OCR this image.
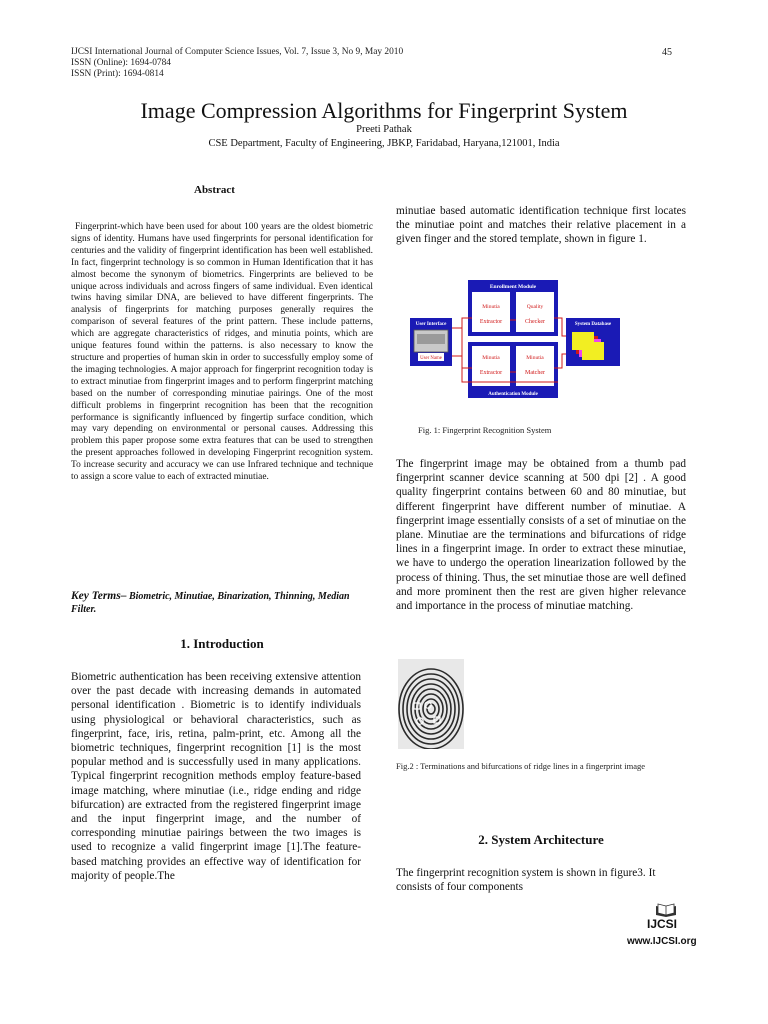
IJCSI International Journal of Computer Science Issues, Vol. 7, Issue 3, No 9, May 2010
ISSN (Online): 1694-0784
ISSN (Print): 1694-0814
45
Image Compression Algorithms for Fingerprint System
Preeti Pathak
CSE Department, Faculty of Engineering, JBKP, Faridabad, Haryana,121001, India
Abstract
Fingerprint-which have been used for about 100 years are the oldest biometric signs of identity. Humans have used fingerprints for personal identification for centuries and the validity of fingerprint identification has been well established. In fact, fingerprint technology is so common in Human Identification that it has almost become the synonym of biometrics. Fingerprints are believed to be unique across individuals and across fingers of same individual. Even identical twins having similar DNA, are believed to have different fingerprints. The analysis of fingerprints for matching purposes generally requires the comparison of several features of the print pattern. These include patterns, which are aggregate characteristics of ridges, and minutia points, which are unique features found within the patterns. is also necessary to know the structure and properties of human skin in order to successfully employ some of the imaging technologies. A major approach for fingerprint recognition today is to extract minutiae from fingerprint images and to perform fingerprint matching based on the number of corresponding minutiae pairings. One of the most difficult problems in fingerprint recognition has been that the recognition performance is significantly influenced by fingertip surface condition, which may vary depending on environmental or personal causes. Addressing this problem this paper propose some extra features that can be used to strengthen the present approaches followed in developing Fingerprint recognition system. To increase security and accuracy we can use Infrared technique and technique to assign a score value to each of extracted minutiae.
Key Terms– Biometric, Minutiae, Binarization, Thinning, Median Filter.
1. Introduction
Biometric authentication has been receiving extensive attention over the past decade with increasing demands in automated personal identification . Biometric is to identify individuals using physiological or behavioral characteristics, such as fingerprint, face, iris, retina, palm-print, etc. Among all the biometric techniques, fingerprint recognition [1] is the most popular method and is successfully used in many applications. Typical fingerprint recognition methods employ feature-based image matching, where minutiae (i.e., ridge ending and ridge bifurcation) are extracted from the registered fingerprint image and the input fingerprint image, and the number of corresponding minutiae pairings between the two images is used to recognize a valid fingerprint image [1].The feature-based matching provides an effective way of identification for majority of people.The
minutiae based automatic identification technique first locates the minutiae point and matches their relative placement in a given finger and the stored template, shown in figure 1.
Enrollment Module
Minutia
Extractor
Quality
Checker
Minutia
Extractor
Minutia
Matcher
Authentication Module
User Interface
User Name
System Database
Fig. 1: Fingerprint Recognition System
The fingerprint image may be obtained from a thumb pad fingerprint scanner device scanning at 500 dpi [2] . A good quality fingerprint contains between 60 and 80 minutiae, but different fingerprint have different number of minutiae. A fingerprint image essentially consists of a set of minutiae on the plane. Minutiae are the terminations and bifurcations of ridge lines in a fingerprint image. In order to extract these minutiae, we have to undergo the operation linearization followed by the process of thining. Thus, the set minutiae those are well defined and more prominent then the rest are given higher relevance and importance in the process of minutiae matching.
Fig.2 : Terminations and bifurcations of ridge lines in a fingerprint image
2. System Architecture
The fingerprint recognition system is shown in figure3. It consists of four components
IJCSI
www.IJCSI.org
